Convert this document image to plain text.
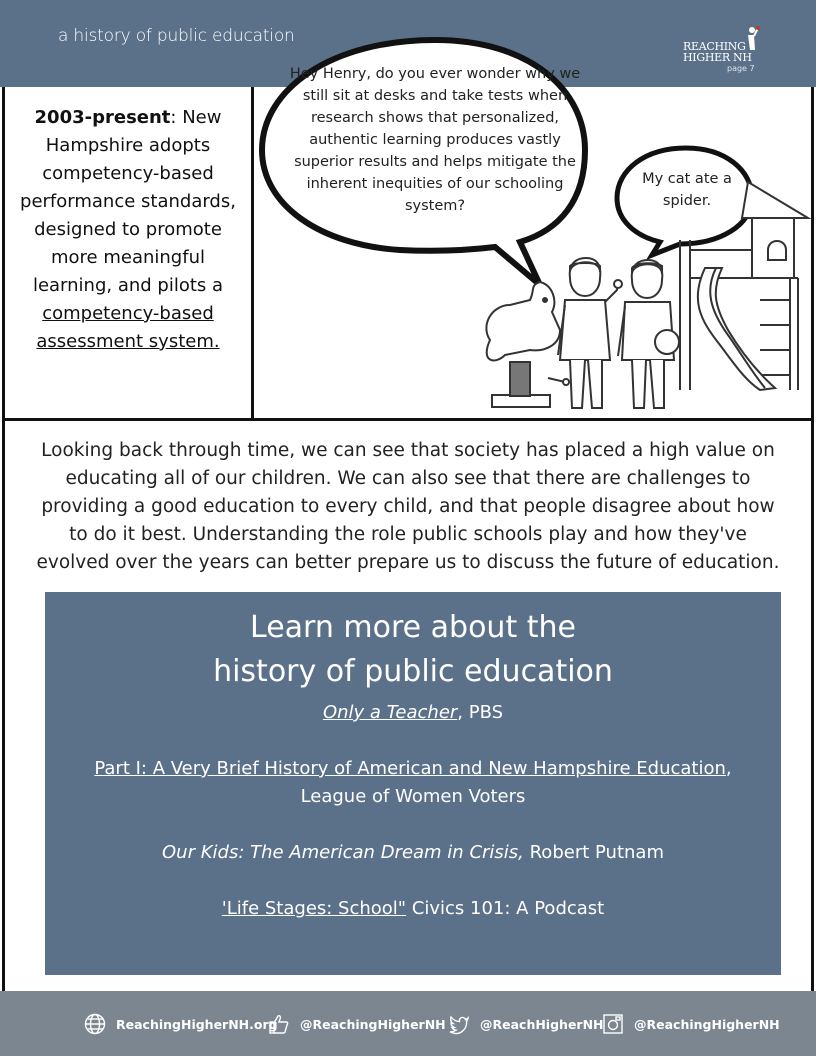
a history of public education
REACHING
HIGHER NH
page 7
2003-present: New Hampshire adopts competency-based performance standards, designed to promote more meaningful learning, and pilots a competency-based assessment system.
Hey Henry, do you ever wonder why we still sit at desks and take tests when research shows that personalized, authentic learning produces vastly superior results and helps mitigate the inherent inequities of our schooling system?
My cat ate a spider.
Looking back through time, we can see that society has placed a high value on educating all of our children. We can also see that there are challenges to providing a good education to every child, and that people disagree about how to do it best. Understanding the role public schools play and how they've evolved over the years can better prepare us to discuss the future of education.
Learn more about the
history of public education
Only a Teacher, PBS
Part I: A Very Brief History of American and New Hampshire Education,
League of Women Voters
Our Kids: The American Dream in Crisis, Robert Putnam
'Life Stages: School" Civics 101: A Podcast
ReachingHigherNH.org @ReachingHigherNH	@ReachHigherNH @ReachingHigherNH
